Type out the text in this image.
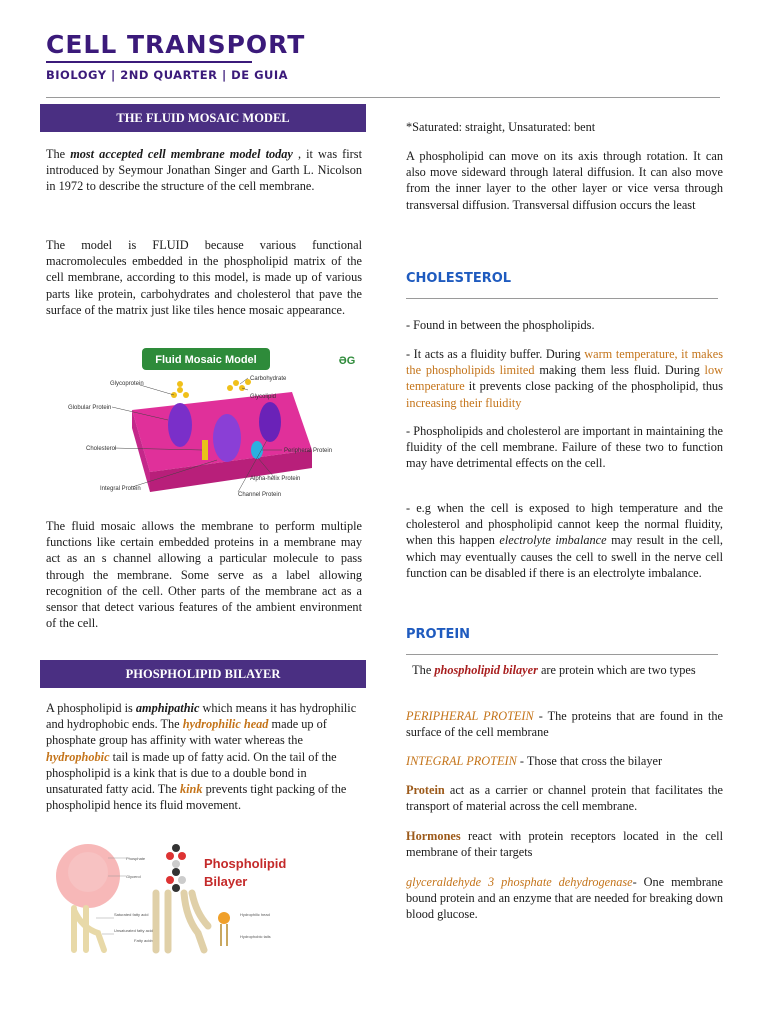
CELL TRANSPORT
BIOLOGY | 2ND QUARTER | DE GUIA
THE FLUID MOSAIC MODEL
The most accepted cell membrane model today , it was first introduced by Seymour Jonathan Singer and Garth L. Nicolson in 1972 to describe the structure of the cell membrane.
The model is FLUID because various functional macromolecules embedded in the phospholipid matrix of the cell membrane, according to this model, is made up of various parts like protein, carbohydrates and cholesterol that pave the surface of the matrix just like tiles hence mosaic appearance.
Fluid Mosaic Model	ƏG
Glycoprotein
Globular Protein
Cholesterol
Integral Protein
Carbohydrate
Glycolipid
Peripheral Protein
Alpha-helix Protein
Channel Protein
The fluid mosaic allows the membrane to perform multiple functions like certain embedded proteins in a membrane may act as an s channel allowing a particular molecule to pass through the membrane. Some serve as a label allowing recognition of the cell. Other parts of the membrane act as a sensor that detect various features of the ambient environment of the cell.
PHOSPHOLIPID BILAYER
A phospholipid is amphipathic which means it has hydrophilic and hydrophobic ends. The hydrophilic head made up of phosphate group has affinity with water whereas the hydrophobic tail is made up of fatty acid. On the tail of the phospholipid is a kink that is due to a double bond in unsaturated fatty acid. The kink prevents tight packing of the phospholipid hence its fluid movement.
Phosphate
Glycerol
Saturated fatty acid
Unsaturated fatty acid
Fatty acids
Phospholipid
Bilayer
Hydrophilic head
Hydrophobic tails
*Saturated: straight, Unsaturated: bent
A phospholipid can move on its axis through rotation. It can also move sideward through lateral diffusion. It can also move from the inner layer to the other layer or vice versa through transversal diffusion. Transversal diffusion occurs the least
CHOLESTEROL
- Found in between the phospholipids.
- It acts as a fluidity buffer. During warm temperature, it makes the phospholipids limited making them less fluid. During low temperature it prevents close packing of the phospholipid, thus increasing their fluidity
- Phospholipids and cholesterol are important in maintaining the fluidity of the cell membrane. Failure of these two to function may have detrimental effects on the cell.
- e.g when the cell is exposed to high temperature and the cholesterol and phospholipid cannot keep the normal fluidity, when this happen electrolyte imbalance may result in the cell, which may eventually causes the cell to swell in the nerve cell function can be disabled if there is an electrolyte imbalance.
PROTEIN
The phospholipid bilayer are protein which are two types
PERIPHERAL PROTEIN - The proteins that are found in the surface of the cell membrane
INTEGRAL PROTEIN - Those that cross the bilayer
Protein act as a carrier or channel protein that facilitates the transport of material across the cell membrane.
Hormones react with protein receptors located in the cell membrane of their targets
glyceraldehyde 3 phosphate dehydrogenase- One membrane bound protein and an enzyme that are needed for breaking down blood glucose.
